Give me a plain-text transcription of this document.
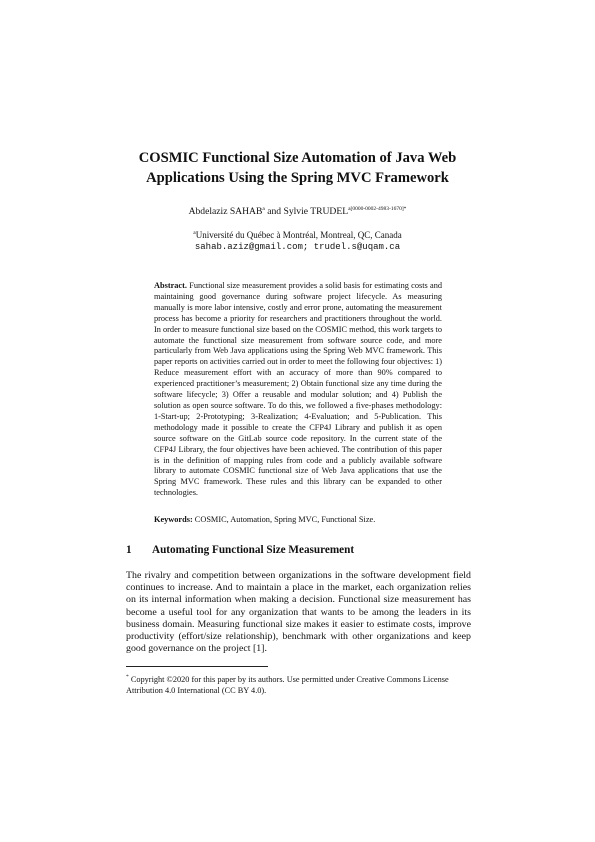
COSMIC Functional Size Automation of Java Web Applications Using the Spring MVC Framework
Abdelaziz SAHAB$^a$ and Sylvie $TRUDEL^{a[0000-0002-4983-1670]*}$
$^a$Université du Québec à Montréal, Montreal, QC, Canada
sahab.aziz@gmail.com; trudel.s@uqam.ca
Abstract. Functional size measurement provides a solid basis for estimating costs and maintaining good governance during software project lifecycle. As measuring manually is more labor intensive, costly and error prone, automating the measurement process has become a priority for researchers and practitioners throughout the world. In order to measure functional size based on the COSMIC method, this work targets to automate the functional size measurement from software source code, and more particularly from Web Java applications using the Spring Web MVC framework. This paper reports on activities carried out in order to meet the following four objectives: 1) Reduce measurement effort with an accuracy of more than 90% compared to experienced practitioner’s measurement; 2) Obtain functional size any time during the software lifecycle; 3) Offer a reusable and modular solution; and 4) Publish the solution as open source software. To do this, we followed a five-phases methodology: 1-Start-up; 2-Prototyping; 3-Realization; 4-Evaluation; and 5-Publication. This methodology made it possible to create the CFP4J Library and publish it as open source software on the GitLab source code repository. In the current state of the CFP4J Library, the four objectives have been achieved. The contribution of this paper is in the definition of mapping rules from code and a publicly available software library to automate COSMIC functional size of Web Java applications that use the Spring MVC framework. These rules and this library can be expanded to other technologies.
Keywords: COSMIC, Automation, Spring MVC, Functional Size.
1 Automating Functional Size Measurement
The rivalry and competition between organizations in the software development field continues to increase. And to maintain a place in the market, each organization relies on its internal information when making a decision. Functional size measurement has become a useful tool for any organization that wants to be among the leaders in its business domain. Measuring functional size makes it easier to estimate costs, improve productivity (effort/size relationship), benchmark with other organizations and keep good governance on the project [1].
* Copyright ©2020 for this paper by its authors. Use permitted under Creative Commons License Attribution 4.0 International (CC BY 4.0).
